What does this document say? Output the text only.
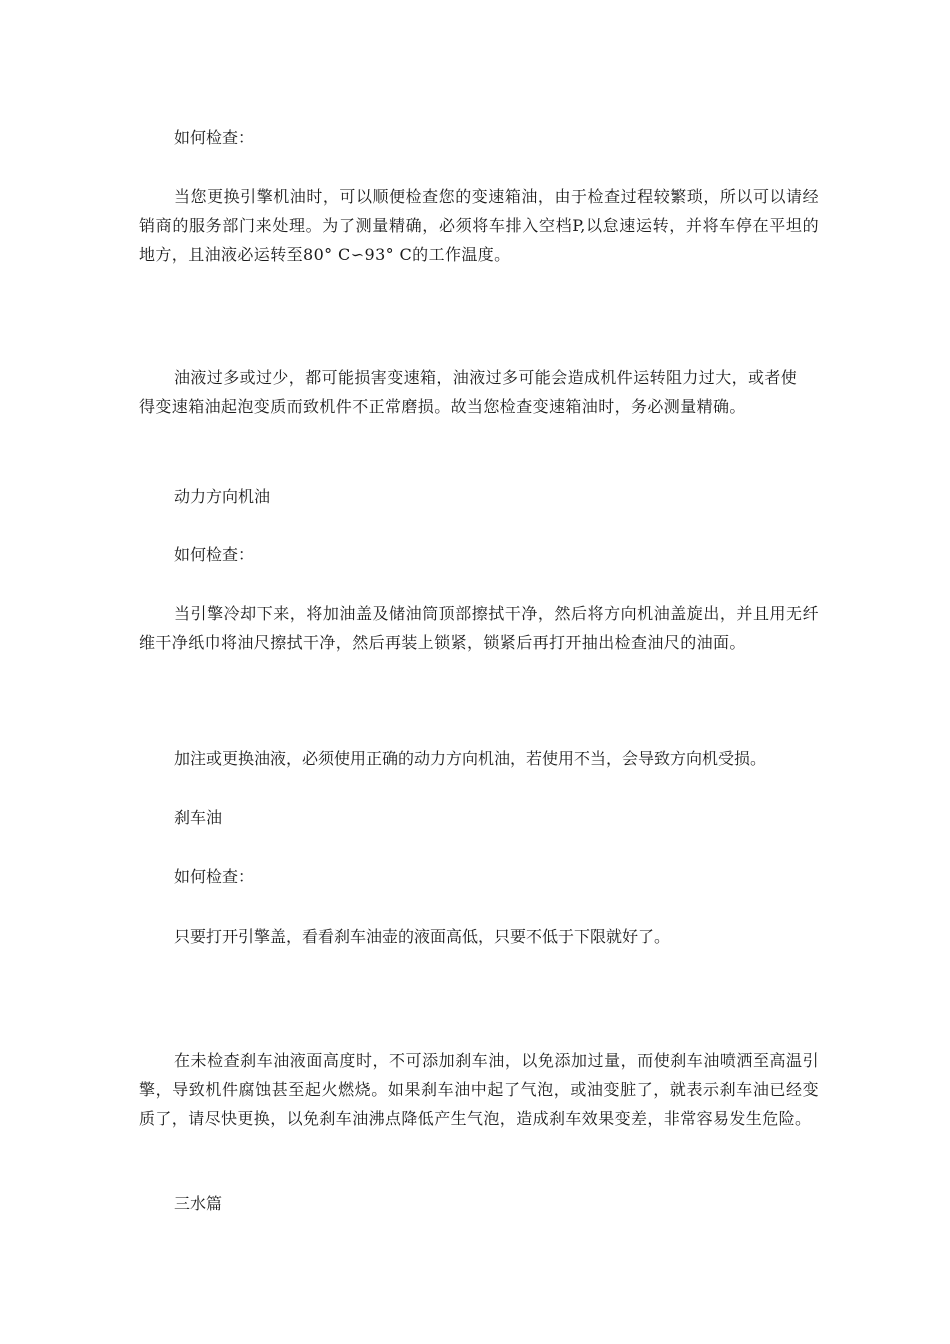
如何检查：

当您更换引擎机油时，可以顺便检查您的变速箱油，由于检查过程较繁琐，所以可以请经销商的服务部门来处理。为了测量精确，必须将车排入空档P,以怠速运转，并将车停在平坦的地方，且油液必运转至80° C∽93° C的工作温度。

油液过多或过少，都可能损害变速箱，油液过多可能会造成机件运转阻力过大，或者使
得变速箱油起泡变质而致机件不正常磨损。故当您检查变速箱油时，务必测量精确。

动力方向机油

如何检查：

当引擎冷却下来，将加油盖及储油筒顶部擦拭干净，然后将方向机油盖旋出，并且用无纤维干净纸巾将油尺擦拭干净，然后再装上锁紧，锁紧后再打开抽出检查油尺的油面。

加注或更换油液，必须使用正确的动力方向机油，若使用不当，会导致方向机受损。

刹车油

如何检查：

只要打开引擎盖，看看刹车油壶的液面高低，只要不低于下限就好了。

在未检查刹车油液面高度时，不可添加刹车油，以免添加过量，而使刹车油喷洒至高温引擎，导致机件腐蚀甚至起火燃烧。如果刹车油中起了气泡，或油变脏了，就表示刹车油已经变质了，请尽快更换，以免刹车油沸点降低产生气泡，造成刹车效果变差，非常容易发生危险。

三水篇
